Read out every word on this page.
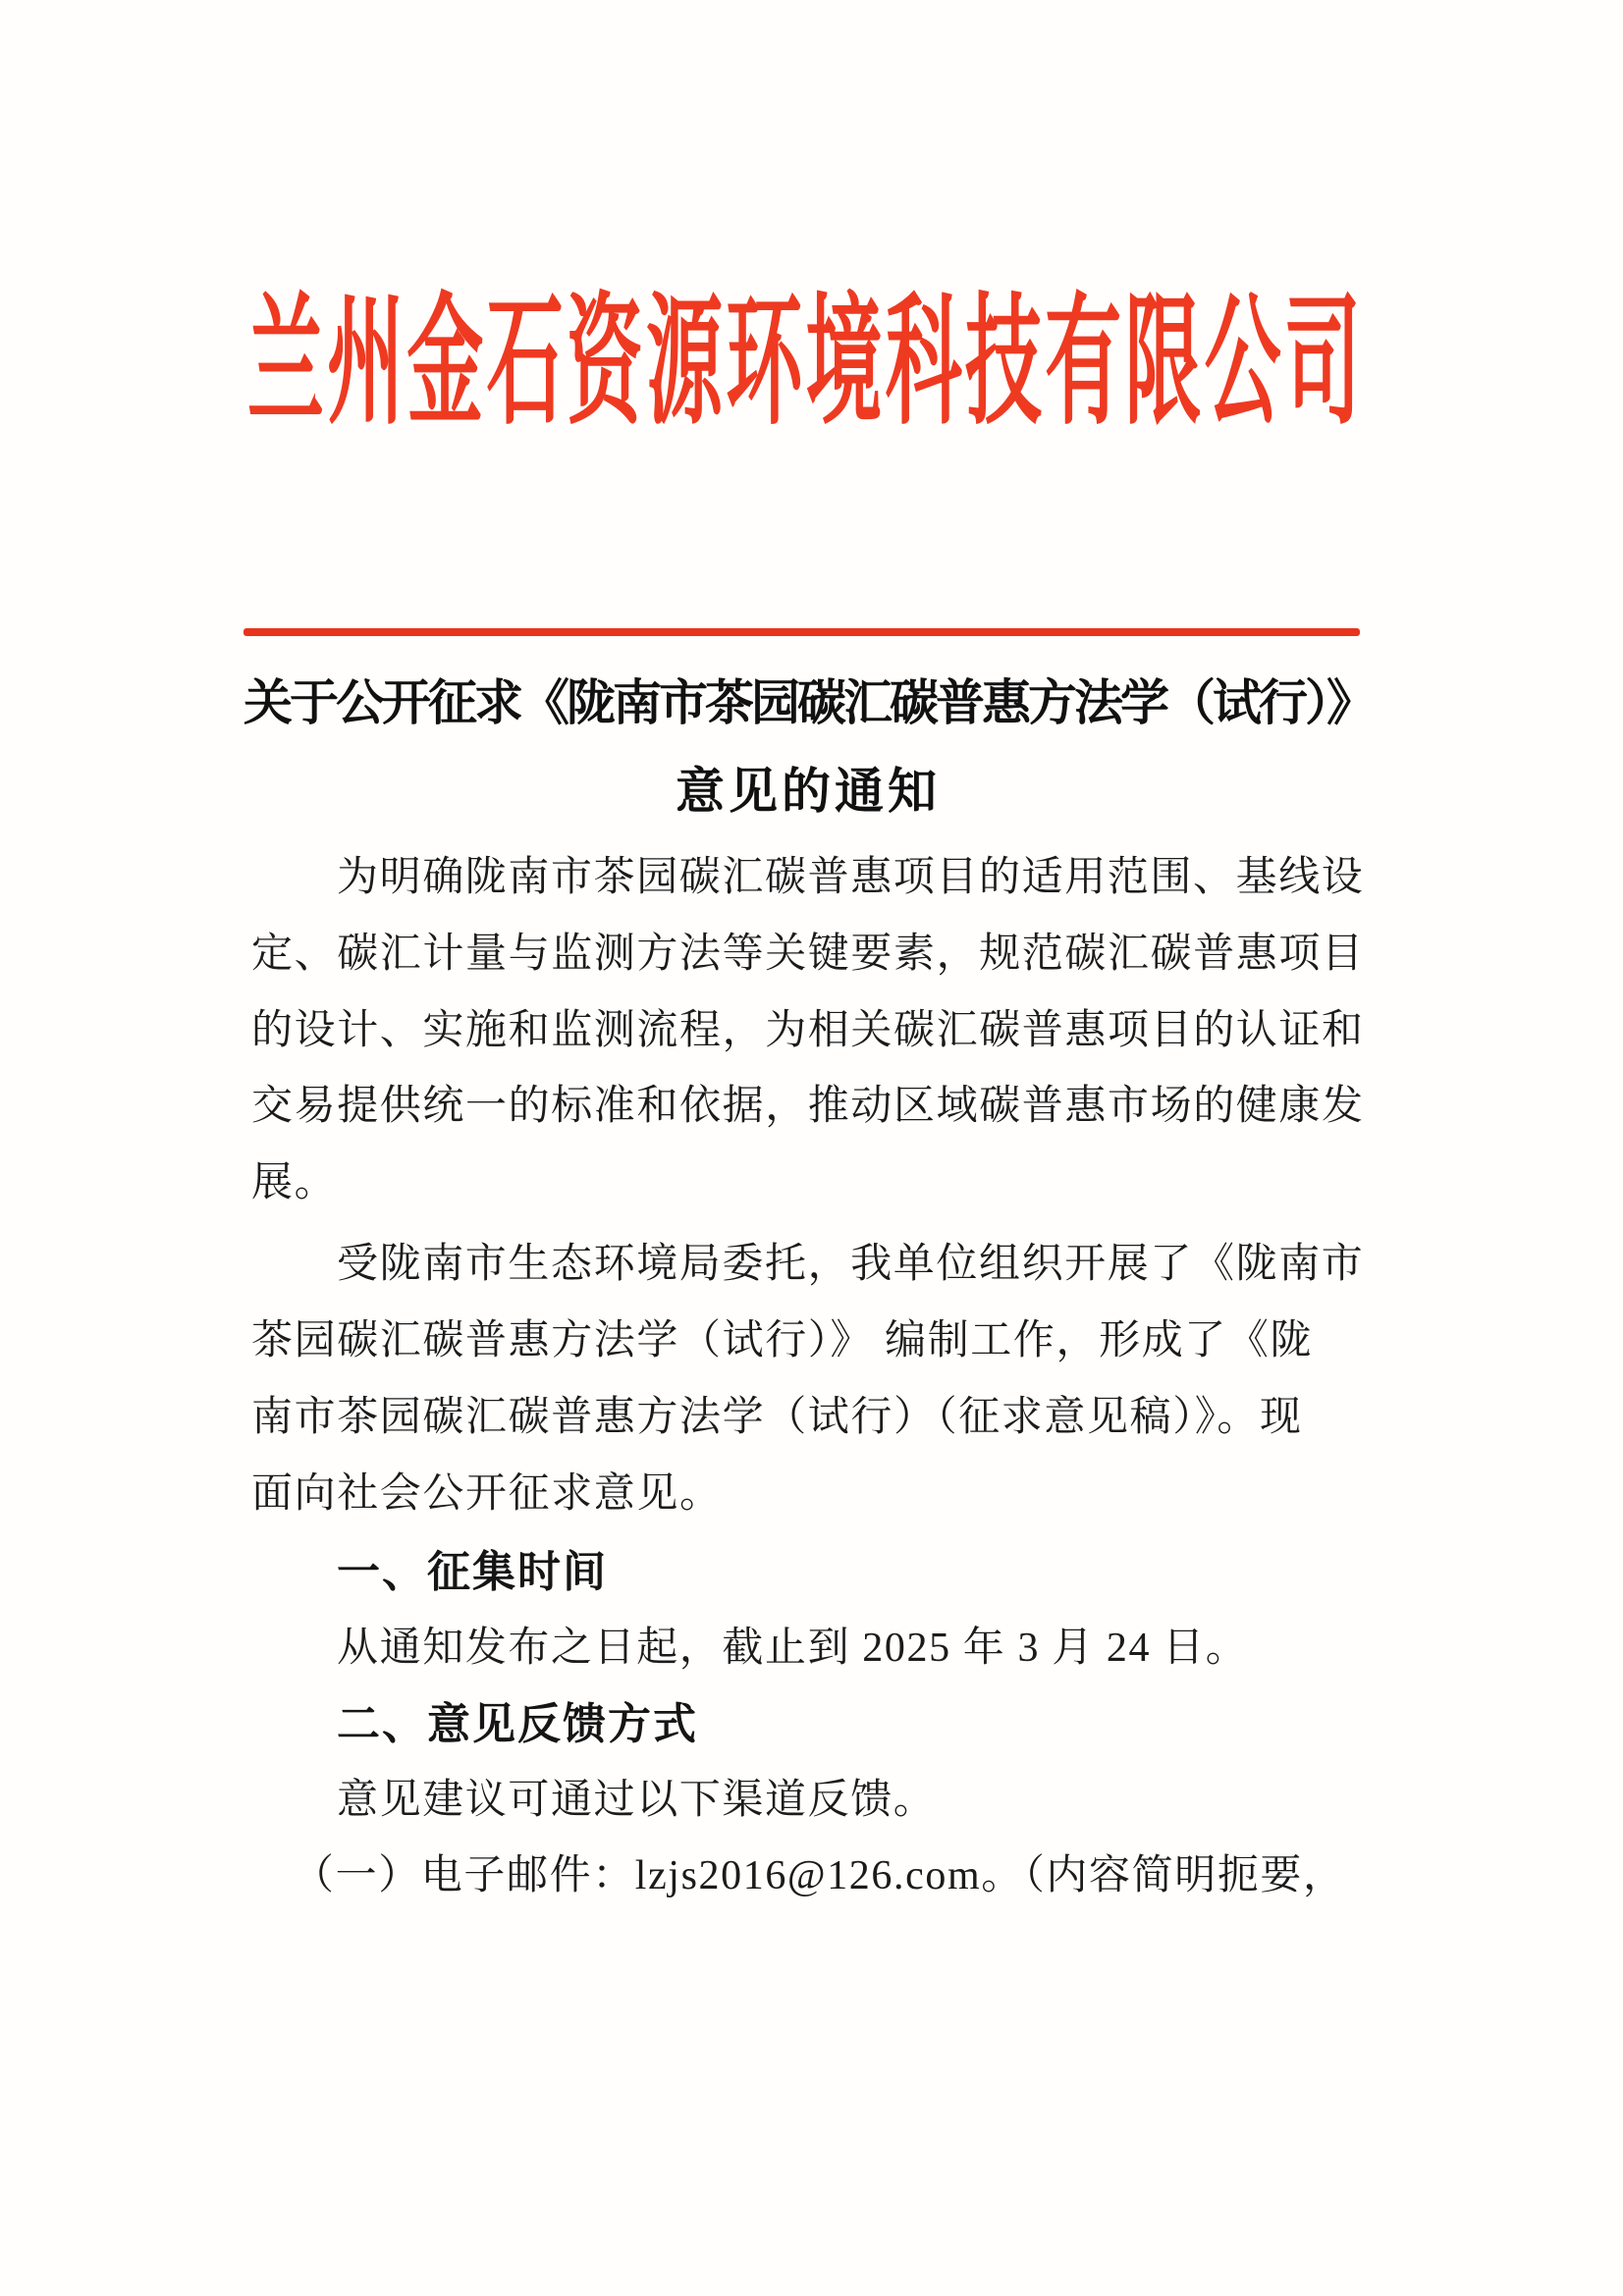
兰 州 金 石 资 源 环 境 科 技 有 限 公 司
关于公开征求《陇南市茶园碳汇碳普惠方法学（试行）》
意见的通知
为明确陇南市茶园碳汇碳普惠项目的适用范围、基线设
定、碳汇计量与监测方法等关键要素，规范碳汇碳普惠项目
的设计、实施和监测流程，为相关碳汇碳普惠项目的认证和
交易提供统一的标准和依据，推动区域碳普惠市场的健康发
展。
受陇南市生态环境局委托，我单位组织开展了《陇南市
茶园碳汇碳普惠方法学（试行）》 编制工作，形成了《陇
南市茶园碳汇碳普惠方法学（试行）（征求意见稿）》。现
面向社会公开征求意见。
一、征集时间
从通知发布之日起，截止到 2025 年 3 月 24 日。
二、意见反馈方式
意见建议可通过以下渠道反馈。
（一）电子邮件：lzjs2016@126.com。（内容简明扼要，
